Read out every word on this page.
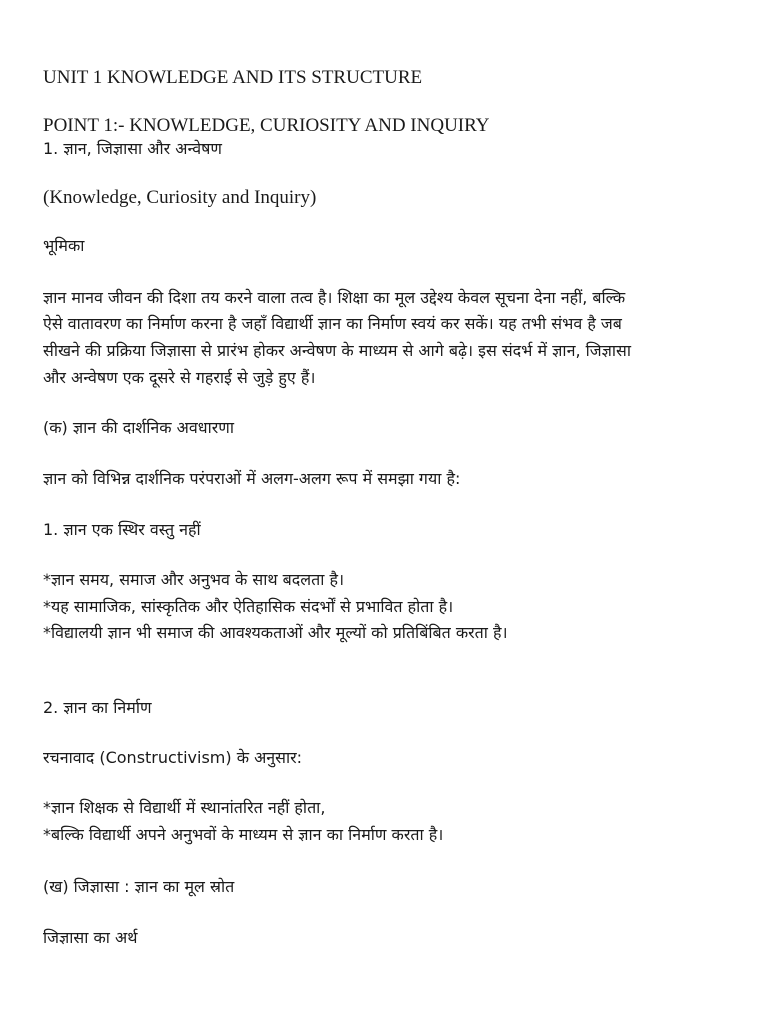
UNIT 1 KNOWLEDGE AND ITS STRUCTURE
POINT 1:- KNOWLEDGE, CURIOSITY AND INQUIRY
1. ज्ञान, जिज्ञासा और अन्वेषण
(Knowledge, Curiosity and Inquiry)
भूमिका
ज्ञान मानव जीवन की दिशा तय करने वाला तत्व है। शिक्षा का मूल उद्देश्य केवल सूचना देना नहीं, बल्कि
ऐसे वातावरण का निर्माण करना है जहाँ विद्यार्थी ज्ञान का निर्माण स्वयं कर सकें। यह तभी संभव है जब
सीखने की प्रक्रिया जिज्ञासा से प्रारंभ होकर अन्वेषण के माध्यम से आगे बढ़े। इस संदर्भ में ज्ञान, जिज्ञासा
और अन्वेषण एक दूसरे से गहराई से जुड़े हुए हैं।
(क) ज्ञान की दार्शनिक अवधारणा
ज्ञान को विभिन्न दार्शनिक परंपराओं में अलग-अलग रूप में समझा गया है:
1. ज्ञान एक स्थिर वस्तु नहीं
*ज्ञान समय, समाज और अनुभव के साथ बदलता है।
*यह सामाजिक, सांस्कृतिक और ऐतिहासिक संदर्भों से प्रभावित होता है।
*विद्यालयी ज्ञान भी समाज की आवश्यकताओं और मूल्यों को प्रतिबिंबित करता है।
2. ज्ञान का निर्माण
रचनावाद (Constructivism) के अनुसार:
*ज्ञान शिक्षक से विद्यार्थी में स्थानांतरित नहीं होता,
*बल्कि विद्यार्थी अपने अनुभवों के माध्यम से ज्ञान का निर्माण करता है।
(ख) जिज्ञासा : ज्ञान का मूल स्रोत
जिज्ञासा का अर्थ
